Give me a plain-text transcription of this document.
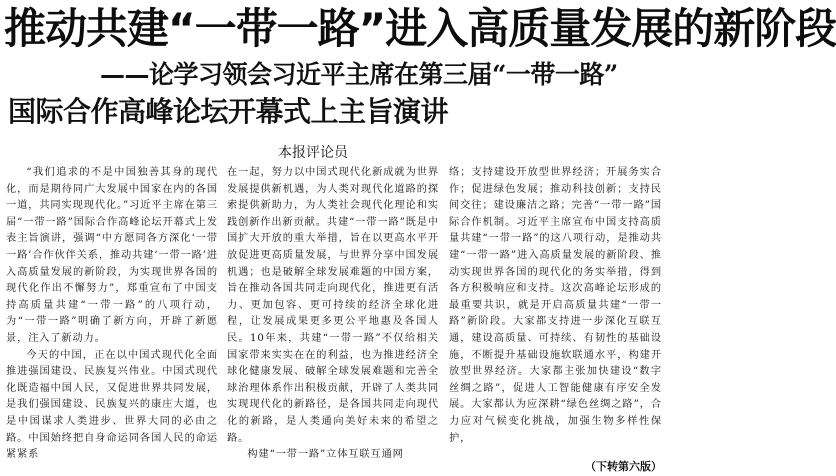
推动共建“一带一路”进入高质量发展的新阶段
——论学习领会习近平主席在第三届“一带一路”
国际合作高峰论坛开幕式上主旨演讲
本报评论员

“我们追求的不是中国独善其身的现代化，而是期待同广大发展中国家在内的各国一道，共同实现现代化。”习近平主席在第三届“一带一路”国际合作高峰论坛开幕式上发表主旨演讲，强调“中方愿同各方深化‘一带一路’合作伙伴关系，推动共建‘一带一路’进入高质量发展的新阶段，为实现世界各国的现代化作出不懈努力”，郑重宣布了中国支持高质量共建“一带一路”的八项行动，为“一带一路”明确了新方向，开辟了新愿景，注入了新动力。

今天的中国，正在以中国式现代化全面推进强国建设、民族复兴伟业。中国式现代化既造福中国人民，又促进世界共同发展，是我们强国建设、民族复兴的康庄大道，也是中国谋求人类进步、世界大同的必由之路。中国始终把自身命运同各国人民的命运紧紧系

在一起，努力以中国式现代化新成就为世界发展提供新机遇，为人类对现代化道路的探索提供新助力，为人类社会现代化理论和实践创新作出新贡献。共建“一带一路”既是中国扩大开放的重大举措，旨在以更高水平开放促进更高质量发展，与世界分享中国发展机遇；也是破解全球发展难题的中国方案，旨在推动各国共同走向现代化，推进更有活力、更加包容、更可持续的经济全球化进程，让发展成果更多更公平地惠及各国人民。10年来，共建“一带一路”不仅给相关国家带来实实在在的利益，也为推进经济全球化健康发展、破解全球发展难题和完善全球治理体系作出积极贡献，开辟了人类共同实现现代化的新路径，是各国共同走向现代化的新路，是人类通向美好未来的希望之路。

构建“一带一路”立体互联互通网

络；支持建设开放型世界经济；开展务实合作；促进绿色发展；推动科技创新；支持民间交往；建设廉洁之路；完善“一带一路”国际合作机制。习近平主席宣布中国支持高质量共建“一带一路”的这八项行动，是推动共建“一带一路”进入高质量发展的新阶段、推动实现世界各国的现代化的务实举措，得到各方积极响应和支持。这次高峰论坛形成的最重要共识，就是开启高质量共建“一带一路”新阶段。大家都支持进一步深化互联互通，建设高质量、可持续、有韧性的基础设施，不断提升基础设施软联通水平，构建开放型世界经济。大家都主张加快建设“数字丝绸之路”，促进人工智能健康有序安全发展。大家都认为应深耕“绿色丝绸之路”，合力应对气候变化挑战，加强生物多样性保护，

（下转第六版）
